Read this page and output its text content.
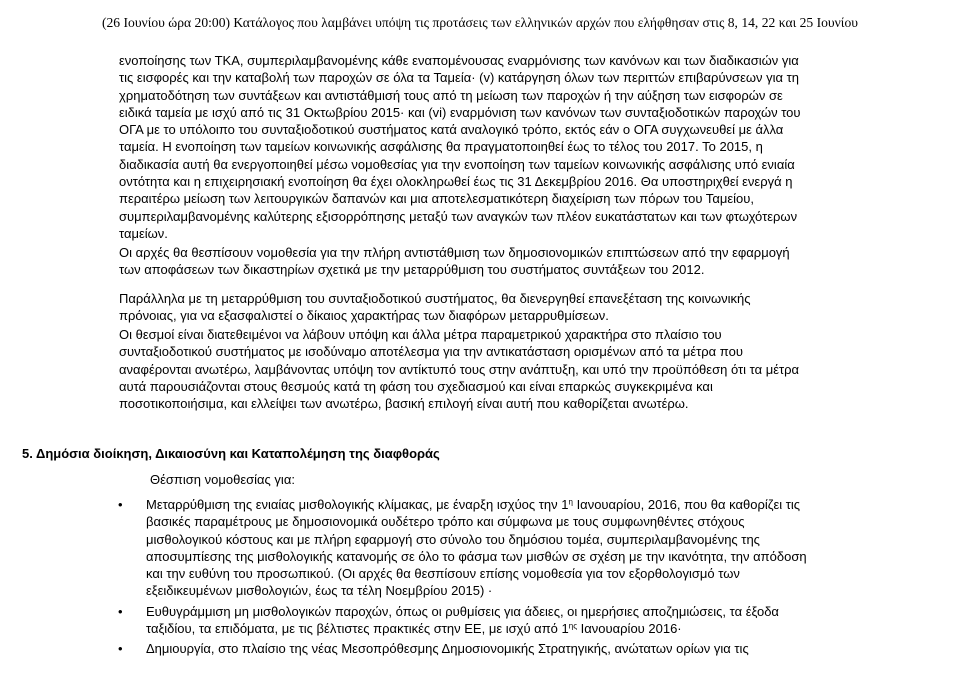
(26 Ιουνίου ώρα 20:00) Κατάλογος που λαμβάνει υπόψη τις προτάσεις των ελληνικών αρχών που ελήφθησαν στις 8, 14, 22 και 25 Ιουνίου
ενοποίησης των ΤΚΑ, συμπεριλαμβανομένης κάθε εναπομένουσας εναρμόνισης των κανόνων και των διαδικασιών για
τις εισφορές και την καταβολή των παροχών σε όλα τα Ταμεία· (v) κατάργηση όλων των περιττών επιβαρύνσεων για τη
χρηματοδότηση των συντάξεων και αντιστάθμισή τους από τη μείωση των παροχών ή την αύξηση των εισφορών σε
ειδικά ταμεία με ισχύ από τις 31 Οκτωβρίου 2015· και (vi) εναρμόνιση των κανόνων των συνταξιοδοτικών παροχών του
ΟΓΑ με το υπόλοιπο του συνταξιοδοτικού συστήματος κατά αναλογικό τρόπο, εκτός εάν ο ΟΓΑ συγχωνευθεί με άλλα
ταμεία. Η ενοποίηση των ταμείων κοινωνικής ασφάλισης θα πραγματοποιηθεί έως το τέλος του 2017. Το 2015, η
διαδικασία αυτή θα ενεργοποιηθεί μέσω νομοθεσίας για την ενοποίηση των ταμείων κοινωνικής ασφάλισης υπό ενιαία
οντότητα και η επιχειρησιακή ενοποίηση θα έχει ολοκληρωθεί έως τις 31 Δεκεμβρίου 2016. Θα υποστηριχθεί ενεργά η
περαιτέρω μείωση των λειτουργικών δαπανών και μια αποτελεσματικότερη διαχείριση των πόρων του Ταμείου,
συμπεριλαμβανομένης καλύτερης εξισορρόπησης μεταξύ των αναγκών των πλέον ευκατάστατων και των φτωχότερων
ταμείων.
Οι αρχές θα θεσπίσουν νομοθεσία για την πλήρη αντιστάθμιση των δημοσιονομικών επιπτώσεων από την εφαρμογή
των αποφάσεων των δικαστηρίων σχετικά με την μεταρρύθμιση του συστήματος συντάξεων του 2012.
Παράλληλα με τη μεταρρύθμιση του συνταξιοδοτικού συστήματος, θα διενεργηθεί επανεξέταση της κοινωνικής
πρόνοιας, για να εξασφαλιστεί ο δίκαιος χαρακτήρας των διαφόρων μεταρρυθμίσεων.
Οι θεσμοί είναι διατεθειμένοι να λάβουν υπόψη και άλλα μέτρα παραμετρικού χαρακτήρα στο πλαίσιο του
συνταξιοδοτικού συστήματος με ισοδύναμο αποτέλεσμα για την αντικατάσταση ορισμένων από τα μέτρα που
αναφέρονται ανωτέρω, λαμβάνοντας υπόψη τον αντίκτυπό τους στην ανάπτυξη, και υπό την προϋπόθεση ότι τα μέτρα
αυτά παρουσιάζονται στους θεσμούς κατά τη φάση του σχεδιασμού και είναι επαρκώς συγκεκριμένα και
ποσοτικοποιήσιμα, και ελλείψει των ανωτέρω, βασική επιλογή είναι αυτή που καθορίζεται ανωτέρω.
5. Δημόσια διοίκηση, Δικαιοσύνη και Καταπολέμηση της διαφθοράς
Θέσπιση νομοθεσίας για:
•	Μεταρρύθμιση της ενιαίας μισθολογικής κλίμακας, με έναρξη ισχύος την $1^\eta$ Ιανουαρίου, 2016, που θα καθορίζει τις
βασικές παραμέτρους με δημοσιονομικά ουδέτερο τρόπο και σύμφωνα με τους συμφωνηθέντες στόχους
μισθολογικού κόστους και με πλήρη εφαρμογή στο σύνολο του δημόσιου τομέα, συμπεριλαμβανομένης της
αποσυμπίεσης της μισθολογικής κατανομής σε όλο το φάσμα των μισθών σε σχέση με την ικανότητα, την απόδοση
και την ευθύνη του προσωπικού. (Οι αρχές θα θεσπίσουν επίσης νομοθεσία για τον εξορθολογισμό των
εξειδικευμένων μισθολογιών, έως τα τέλη Νοεμβρίου 2015) ·
•	Ευθυγράμμιση μη μισθολογικών παροχών, όπως οι ρυθμίσεις για άδειες, οι ημερήσιες αποζημιώσεις, τα έξοδα
ταξιδίου, τα επιδόματα, με τις βέλτιστες πρακτικές στην ΕΕ, με ισχύ από $1^{\eta\varsigma}$ Ιανουαρίου 2016·
•	Δημιουργία, στο πλαίσιο της νέας Μεσοπρόθεσμης Δημοσιονομικής Στρατηγικής, ανώτατων ορίων για τις
